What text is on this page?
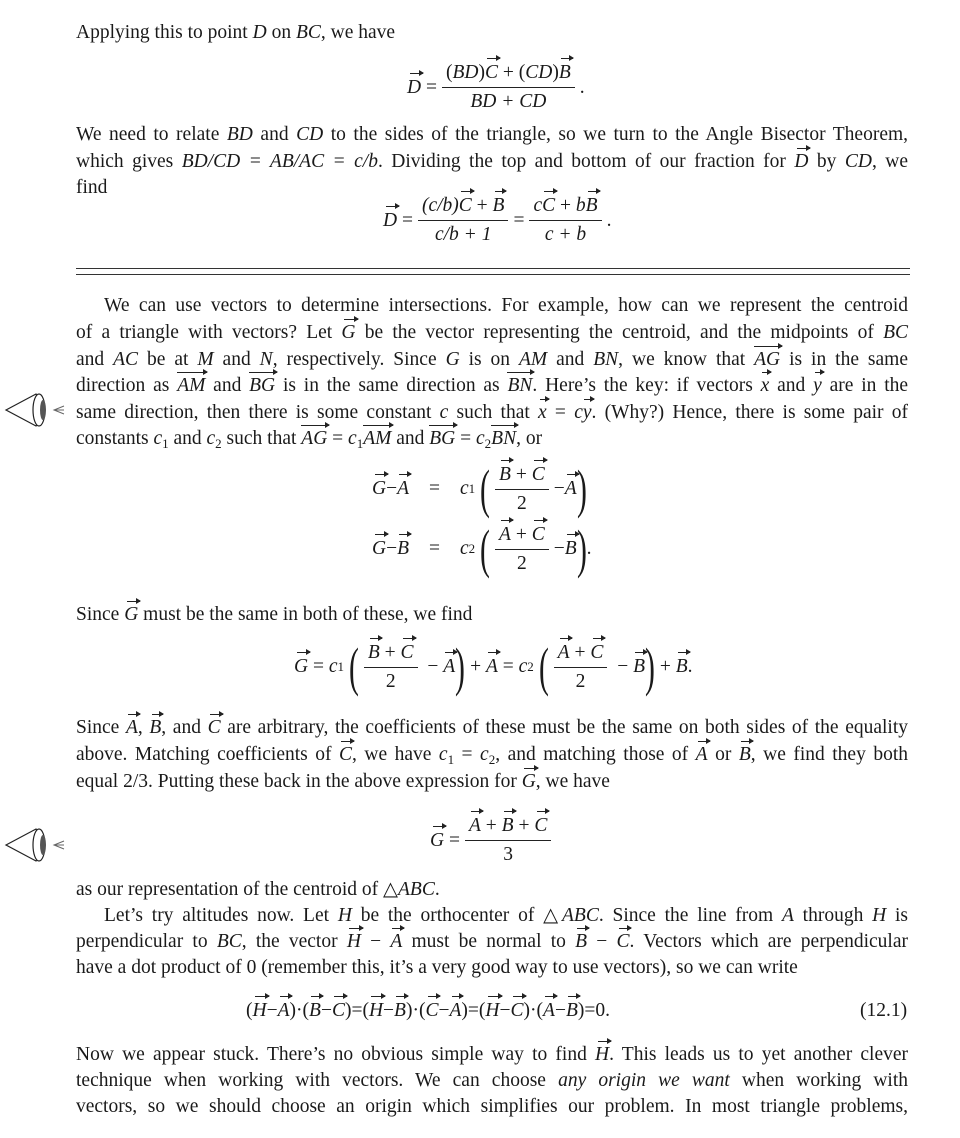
Applying this to point D on BC, we have
D
= $\frac{(BD)C + (CD)B}{BD + CD}$ .
We need to relate BD and CD to the sides of the triangle, so we turn to the Angle Bisector Theorem,
which gives BD/CD = AB/AC = c/b. Dividing the top and bottom of our fraction for D by CD, we
find
D
= $\frac{(c/b)C + B}{c/b + 1} = \frac{cC + bB}{c + b}$ .
We can use vectors to determine intersections. For example, how can we represent the centroid
of a triangle with vectors? Let G be the vector representing the centroid, and the midpoints of BC
and AC be at M and N, respectively. Since G is on AM and BN, we know that AG is in the same
direction as AM and BG is in the same direction as BN. Here’s the key: if vectors x and y are in the
same direction, then there is some constant c such that x = cy. (Why?) Hence, there is some pair of
constants $c_1$ and $c_2$ such that AG = $c_1AM$ and BG = $c_2BN$, or
G − A = c 1
( $\frac{B + C}{2} - A$ )
G − B = c 2
( $\frac{A + C}{2} - B$ ) .
Since G must be the same in both of these, we find
G = c 1
( $\frac{B + C}{2} - A$ ) + A = c 2
( $\frac{A + C}{2} - B$ ) + B .
Since A, B, and C are arbitrary, the coefficients of these must be the same on both sides of the equality
above. Matching coefficients of C, we have $c_1 = c_2$, and matching those of A or B, we find they both
equal 2/3. Putting these back in the above expression for G, we have
$G = \frac{A + B + C}{3}$
as our representation of the centroid of △ABC.
Let’s try altitudes now. Let H be the orthocenter of △ABC. Since the line from A through H is
perpendicular to BC, the vector H − A must be normal to B − C. Vectors which are perpendicular
have a dot product of 0 (remember this, it’s a very good way to use vectors), so we can write
( H − A ) · ( B − C ) = ( H − B ) · ( C − A ) = ( H − C ) · ( A − B ) = 0.	(12.1)
Now we appear stuck. There’s no obvious simple way to find H. This leads us to yet another clever
technique when working with vectors. We can choose any origin we want when working with
vectors, so we should choose an origin which simplifies our problem. In most triangle problems,
